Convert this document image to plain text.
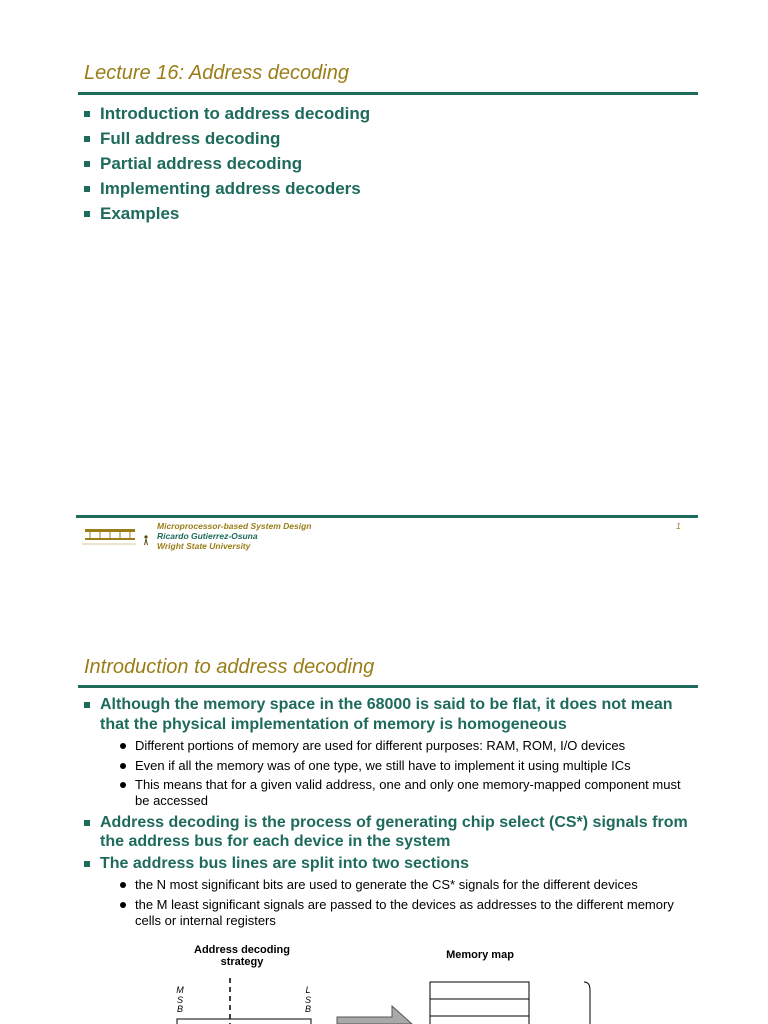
Lecture 16: Address decoding
Introduction to address decoding
Full address decoding
Partial address decoding
Implementing address decoders
Examples
Microprocessor-based System Design
Ricardo Gutierrez-Osuna
Wright State University
1
Introduction to address decoding
Although the memory space in the 68000 is said to be flat, it does not mean that the physical implementation of memory is homogeneous
Different portions of memory are used for different purposes: RAM, ROM, I/O devices
Even if all the memory was of one type, we still have to implement it using multiple ICs
This means that for a given valid address, one and only one memory-mapped component must be accessed
Address decoding is the process of generating chip select (CS*) signals from the address bus for each device in the system
The address bus lines are split into two sections
the N most significant bits are used to generate the CS* signals for the different devices
the M least significant signals are passed to the devices as addresses to the different memory cells or internal registers
Address decoding
strategy
Memory map
M
S
B
L
S
B
